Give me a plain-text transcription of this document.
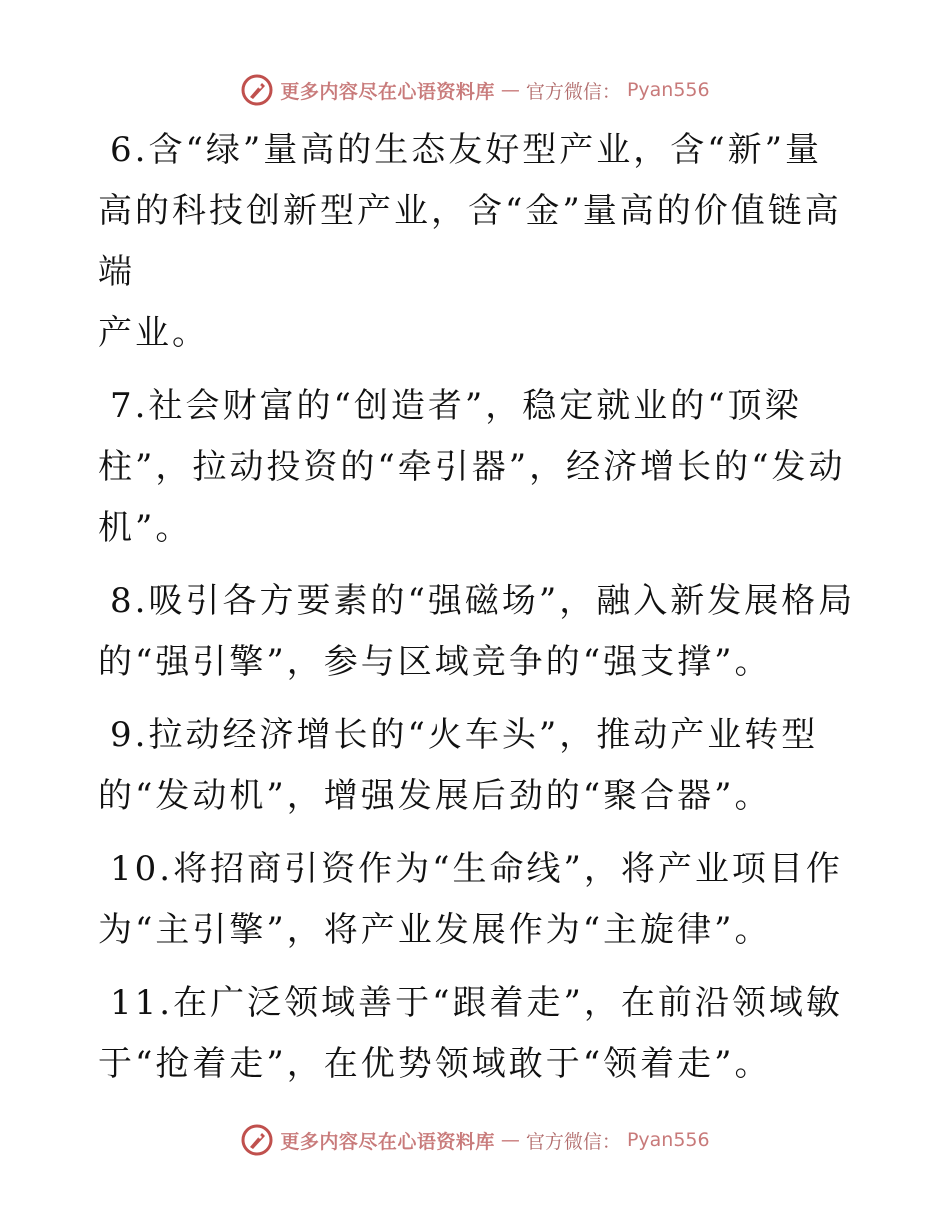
更多内容尽在心语资料库 — 官方微信： Pyan556

6.含“绿”量高的生态友好型产业，含“新”量
高的科技创新型产业，含“金”量高的价值链高端
产业。

7.社会财富的“创造者”，稳定就业的“顶梁
柱”，拉动投资的“牵引器”，经济增长的“发动
机”。

8.吸引各方要素的“强磁场”，融入新发展格局
的“强引擎”，参与区域竞争的“强支撑”。

9.拉动经济增长的“火车头”，推动产业转型
的“发动机”，增强发展后劲的“聚合器”。

10.将招商引资作为“生命线”，将产业项目作
为“主引擎”，将产业发展作为“主旋律”。

11.在广泛领域善于“跟着走”，在前沿领域敏
于“抢着走”，在优势领域敢于“领着走”。

更多内容尽在心语资料库 — 官方微信： Pyan556
